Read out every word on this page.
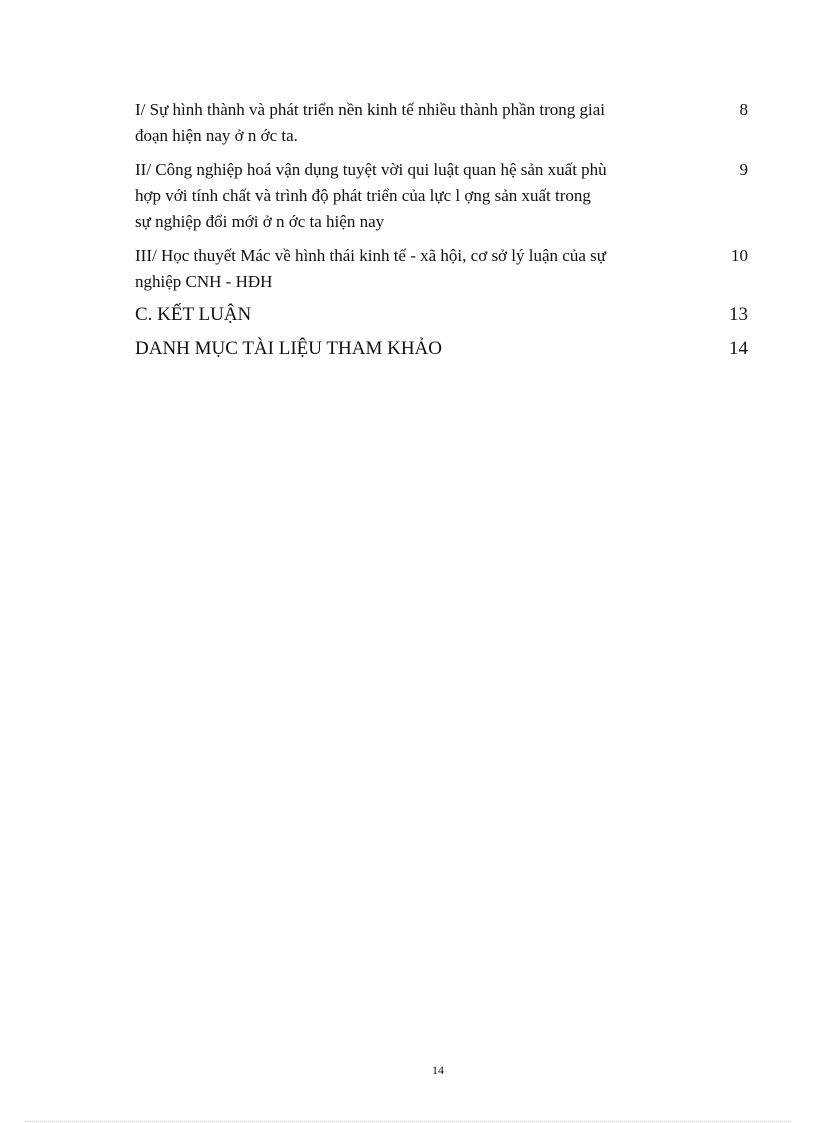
I/ Sự hình thành và phát triển nền kinh tế nhiều thành phần trong giai
đoạn hiện nay ở n ớc ta.
8
II/ Công nghiệp hoá vận dụng tuyệt vời qui luật quan hệ sản xuất phù
hợp với tính chất và trình độ phát triển của lực l ợng sản xuất trong
sự nghiệp đổi mới ở n ớc ta hiện nay
9
III/ Học thuyết Mác về hình thái kinh tế - xã hội, cơ sở lý luận của sự
nghiệp CNH - HĐH
10
C. KẾT LUẬN	13
DANH MỤC TÀI LIỆU THAM KHẢO	14
14
